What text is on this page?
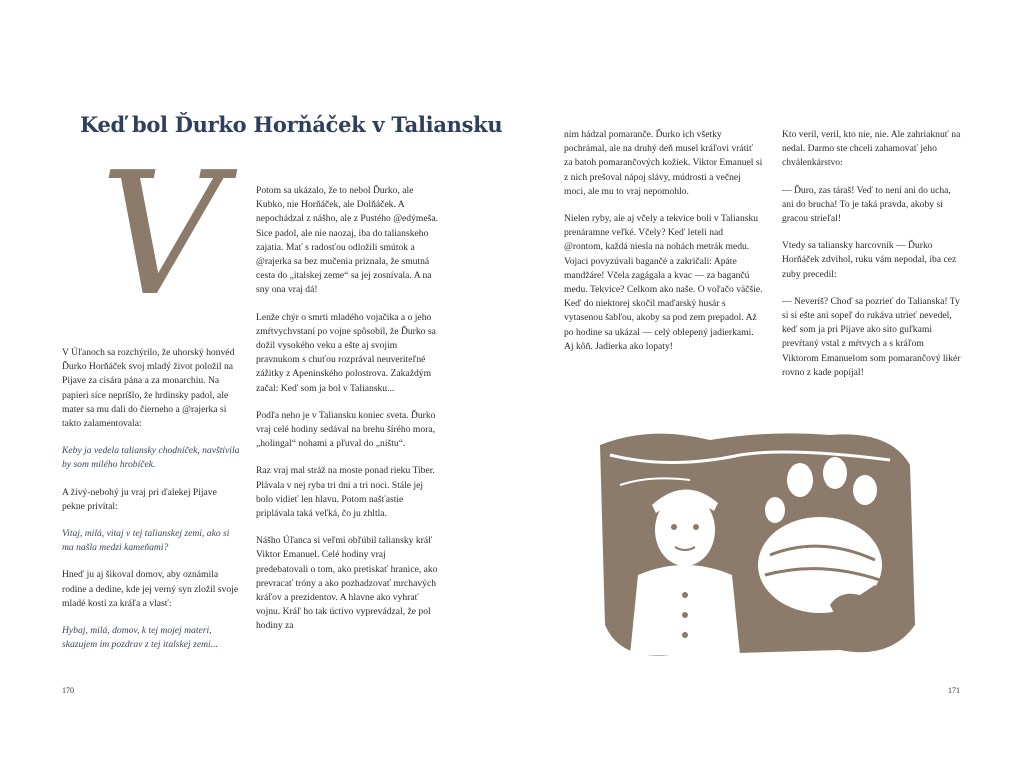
Keď bol Ďurko Horňáček v Taliansku
V

V Úľanoch sa rozchýrilo, že uhorský honvéd Ďurko Horňáček svoj mladý život položil na Pijave za cisára pána a za monarchiu. Na papieri síce nepríšlo, že hrdinsky padol, ale mater sa mu dali do čierneho a @rajerka si takto zalamentovala:

Keby ja vedela taliansky chodníček, navštívila by som milého hrobíček.

A živý-nebohý ju vraj pri ďalekej Pijave pekne privítal:

Vitaj, milá, vitaj v tej talianskej zemi, ako si ma našla medzi kameňami?

Hneď ju aj šikoval domov, aby oznámila rodine a dedine, kde jej verný syn zložil svoje mladé kosti za kráľa a vlasť:

Hybaj, milá, domov, k tej mojej materi, skazujem im pozdrav z tej italskej zemi...

Potom sa ukázalo, že to nebol Ďurko, ale Kubko, nie Horňáček, ale Dolňáček. A nepochádzal z nášho, ale z Pustého @edýmeša. Sice padol, ale nie naozaj, iba do talianskeho zajatia. Mať s radosťou odložili smútok a @rajerka sa bez mučenia priznala, že smutná cesta do „italskej zeme“ sa jej zosnívala. A na sny ona vraj dá!

Lenže chýr o smrti mladého vojačika a o jeho zmŕtvychvstaní po vojne spôsobil, že Ďurko sa dožil vysokého veku a ešte aj svojim pravnukom s chuťou rozprával neuveriteľné zážitky z Apeninského polostrova. Zakaždým začal: Keď som ja bol v Taliansku...

Podľa neho je v Taliansku koniec sveta. Ďurko vraj celé hodiny sedával na brehu šírého mora, „holingal“ nohami a pľuval do „ništu“.

Raz vraj mal stráž na moste ponad rieku Tiber. Plávala v nej ryba tri dni a tri noci. Stále jej bolo vidieť len hlavu. Potom našťastie priplávala taká veľká, čo ju zhltla.

Nášho Úľanca si veľmi obľúbil taliansky kráľ Viktor Emanuel. Celé hodiny vraj predebatovali o tom, ako pretískať hranice, ako prevracať tróny a ako pozhadzovať mrchavých kráľov a prezidentov. A hlavne ako vyhrať vojnu. Kráľ ho tak úctivo vyprevádzal, že pol hodiny za

170

ním hádzal pomaranče. Ďurko ich všetky pochrámal, ale na druhý deň musel kráľovi vrátiť za batoh pomarančových kožiek. Viktor Emanuel si z nich prešoval nápoj slávy, múdrosti a večnej moci, ale mu to vraj nepomohlo.

Nielen ryby, ale aj včely a tekvice boli v Taliansku prenáramne veľké. Včely? Keď leteli nad @rontom, každá niesla na nohách metrák medu. Vojaci povyzúvali bagančé a zakričali: Apáte mandžáre! Včela zagágala a kvac — za bagančú medu. Tekvice? Celkom ako naše. O voľačo väčšie. Keď do niektorej skočil maďarský husár s vytasenou šabľou, akoby sa pod zem prepadol. Až po hodine sa ukázal — celý oblepený jadierkami. Aj kôň. Jadierka ako lopaty!

Kto veril, veril, kto nie, nie. Ale zahriaknuť na nedal. Darmo ste chceli zahamovať jeho chválenkárstvo:

— Ďuro, zas táraš! Veď to není ani do ucha, ani do brucha! To je taká pravda, akoby si gracou strieľal!

Vtedy sa taliansky harcovník — Ďurko Horňáček zdvihol, ruku vám nepodal, iba cez zuby precedil:

— Neveríš? Choď sa pozrieť do Talianska! Ty si si ešte ani sopeľ do rukáva utrieť nevedel, keď som ja pri Pijave ako sito guľkami prevŕtaný vstal z mŕtvych a s kráľom Viktorom Emanuelom som pomarančový likér rovno z kade popíjal!

171
